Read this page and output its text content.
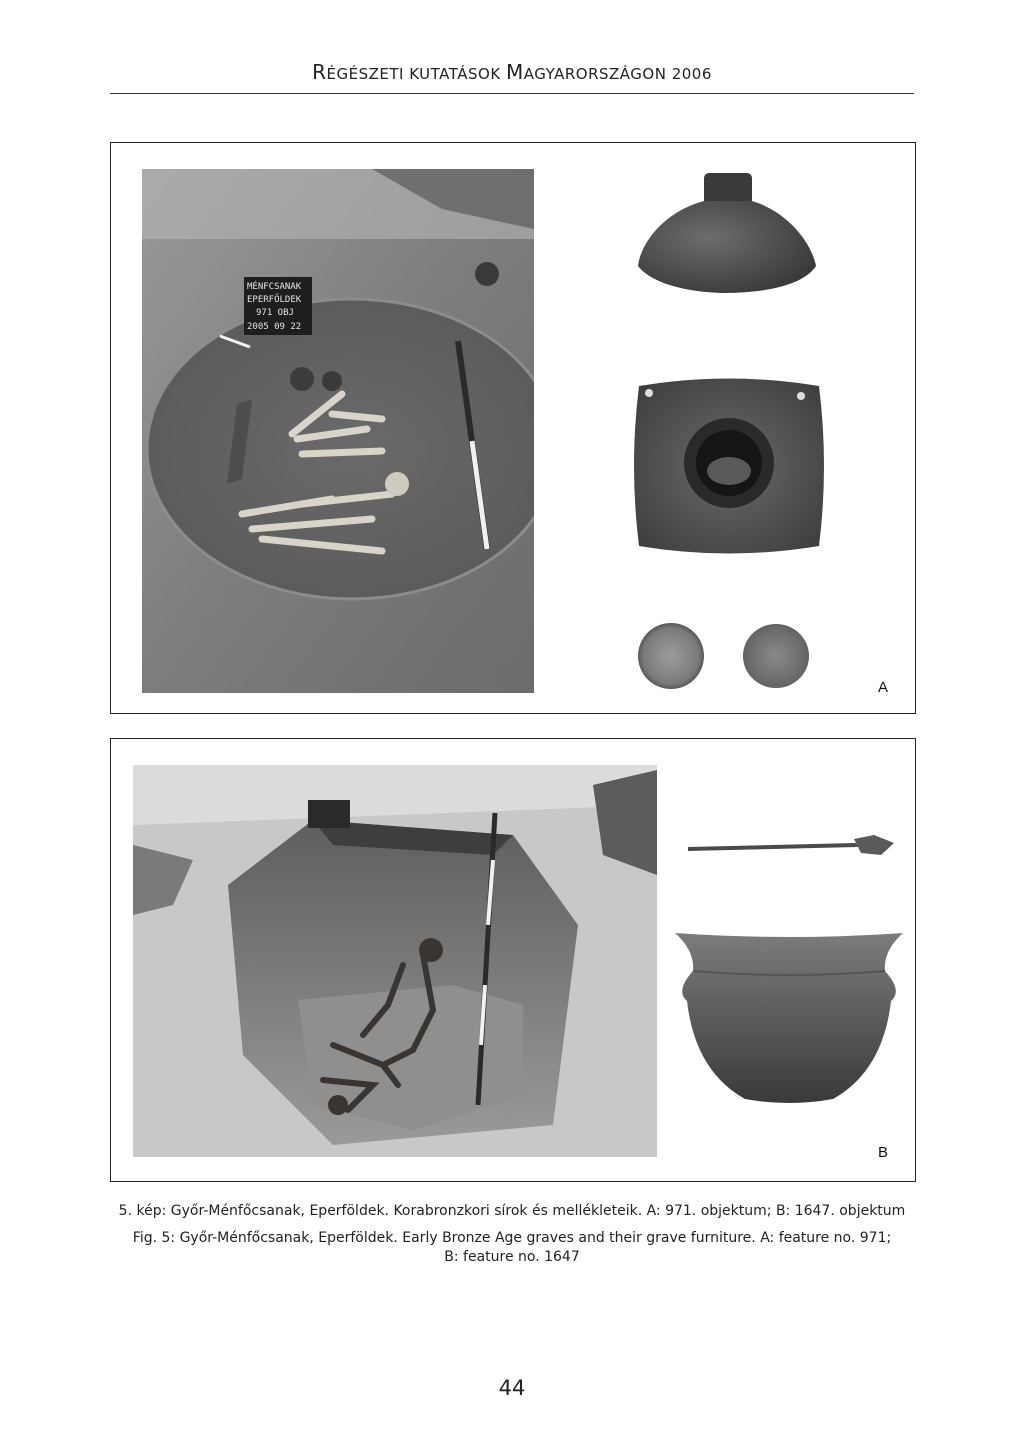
RÉGÉSZETI KUTATÁSOK MAGYARORSZÁGON 2006
MÉNFCSANAK
EPERFÖLDEK
971 OBJ
2005 09 22
A
B
5. kép: Győr-Ménfőcsanak, Eperföldek. Korabronzkori sírok és mellékleteik. A: 971. objektum; B: 1647. objektum
Fig. 5: Győr-Ménfőcsanak, Eperföldek. Early Bronze Age graves and their grave furniture. A: feature no. 971;
B: feature no. 1647
44
